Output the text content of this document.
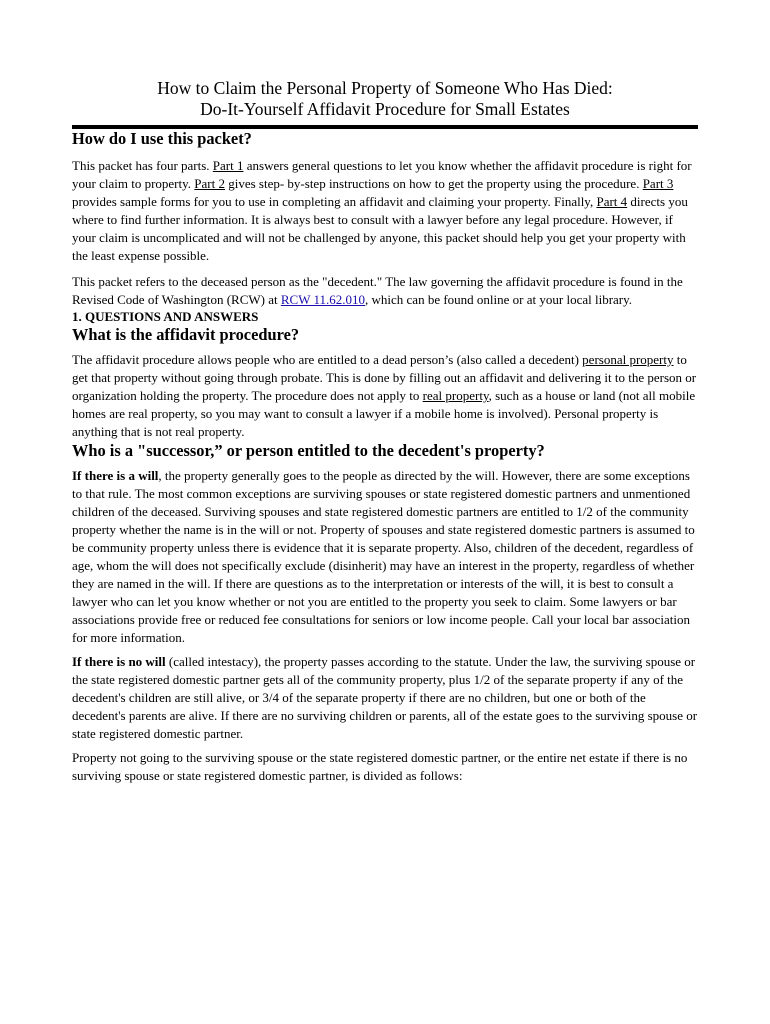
How to Claim the Personal Property of Someone Who Has Died:
Do-It-Yourself Affidavit Procedure for Small Estates
How do I use this packet?

This packet has four parts. Part 1 answers general questions to let you know whether the affidavit procedure is right for your claim to property. Part 2 gives step- by-step instructions on how to get the property using the procedure. Part 3 provides sample forms for you to use in completing an affidavit and claiming your property. Finally, Part 4 directs you where to find further information. It is always best to consult with a lawyer before any legal procedure. However, if your claim is uncomplicated and will not be challenged by anyone, this packet should help you get your property with the least expense possible.

This packet refers to the deceased person as the "decedent." The law governing the affidavit procedure is found in the Revised Code of Washington (RCW) at RCW 11.62.010, which can be found online or at your local library.

1. QUESTIONS AND ANSWERS
What is the affidavit procedure?

The affidavit procedure allows people who are entitled to a dead person’s (also called a decedent) personal property to get that property without going through probate. This is done by filling out an affidavit and delivering it to the person or organization holding the property. The procedure does not apply to real property, such as a house or land (not all mobile homes are real property, so you may want to consult a lawyer if a mobile home is involved). Personal property is anything that is not real property.

Who is a "successor,” or person entitled to the decedent's property?

If there is a will, the property generally goes to the people as directed by the will. However, there are some exceptions to that rule. The most common exceptions are surviving spouses or state registered domestic partners and unmentioned children of the deceased. Surviving spouses and state registered domestic partners are entitled to 1/2 of the community property whether the name is in the will or not. Property of spouses and state registered domestic partners is assumed to be community property unless there is evidence that it is separate property. Also, children of the decedent, regardless of age, whom the will does not specifically exclude (disinherit) may have an interest in the property, regardless of whether they are named in the will. If there are questions as to the interpretation or interests of the will, it is best to consult a lawyer who can let you know whether or not you are entitled to the property you seek to claim. Some lawyers or bar associations provide free or reduced fee consultations for seniors or low income people. Call your local bar association for more information.

If there is no will (called intestacy), the property passes according to the statute. Under the law, the surviving spouse or the state registered domestic partner gets all of the community property, plus 1/2 of the separate property if any of the decedent's children are still alive, or 3/4 of the separate property if there are no children, but one or both of the decedent's parents are alive. If there are no surviving children or parents, all of the estate goes to the surviving spouse or state registered domestic partner.

Property not going to the surviving spouse or the state registered domestic partner, or the entire net estate if there is no surviving spouse or state registered domestic partner, is divided as follows:
